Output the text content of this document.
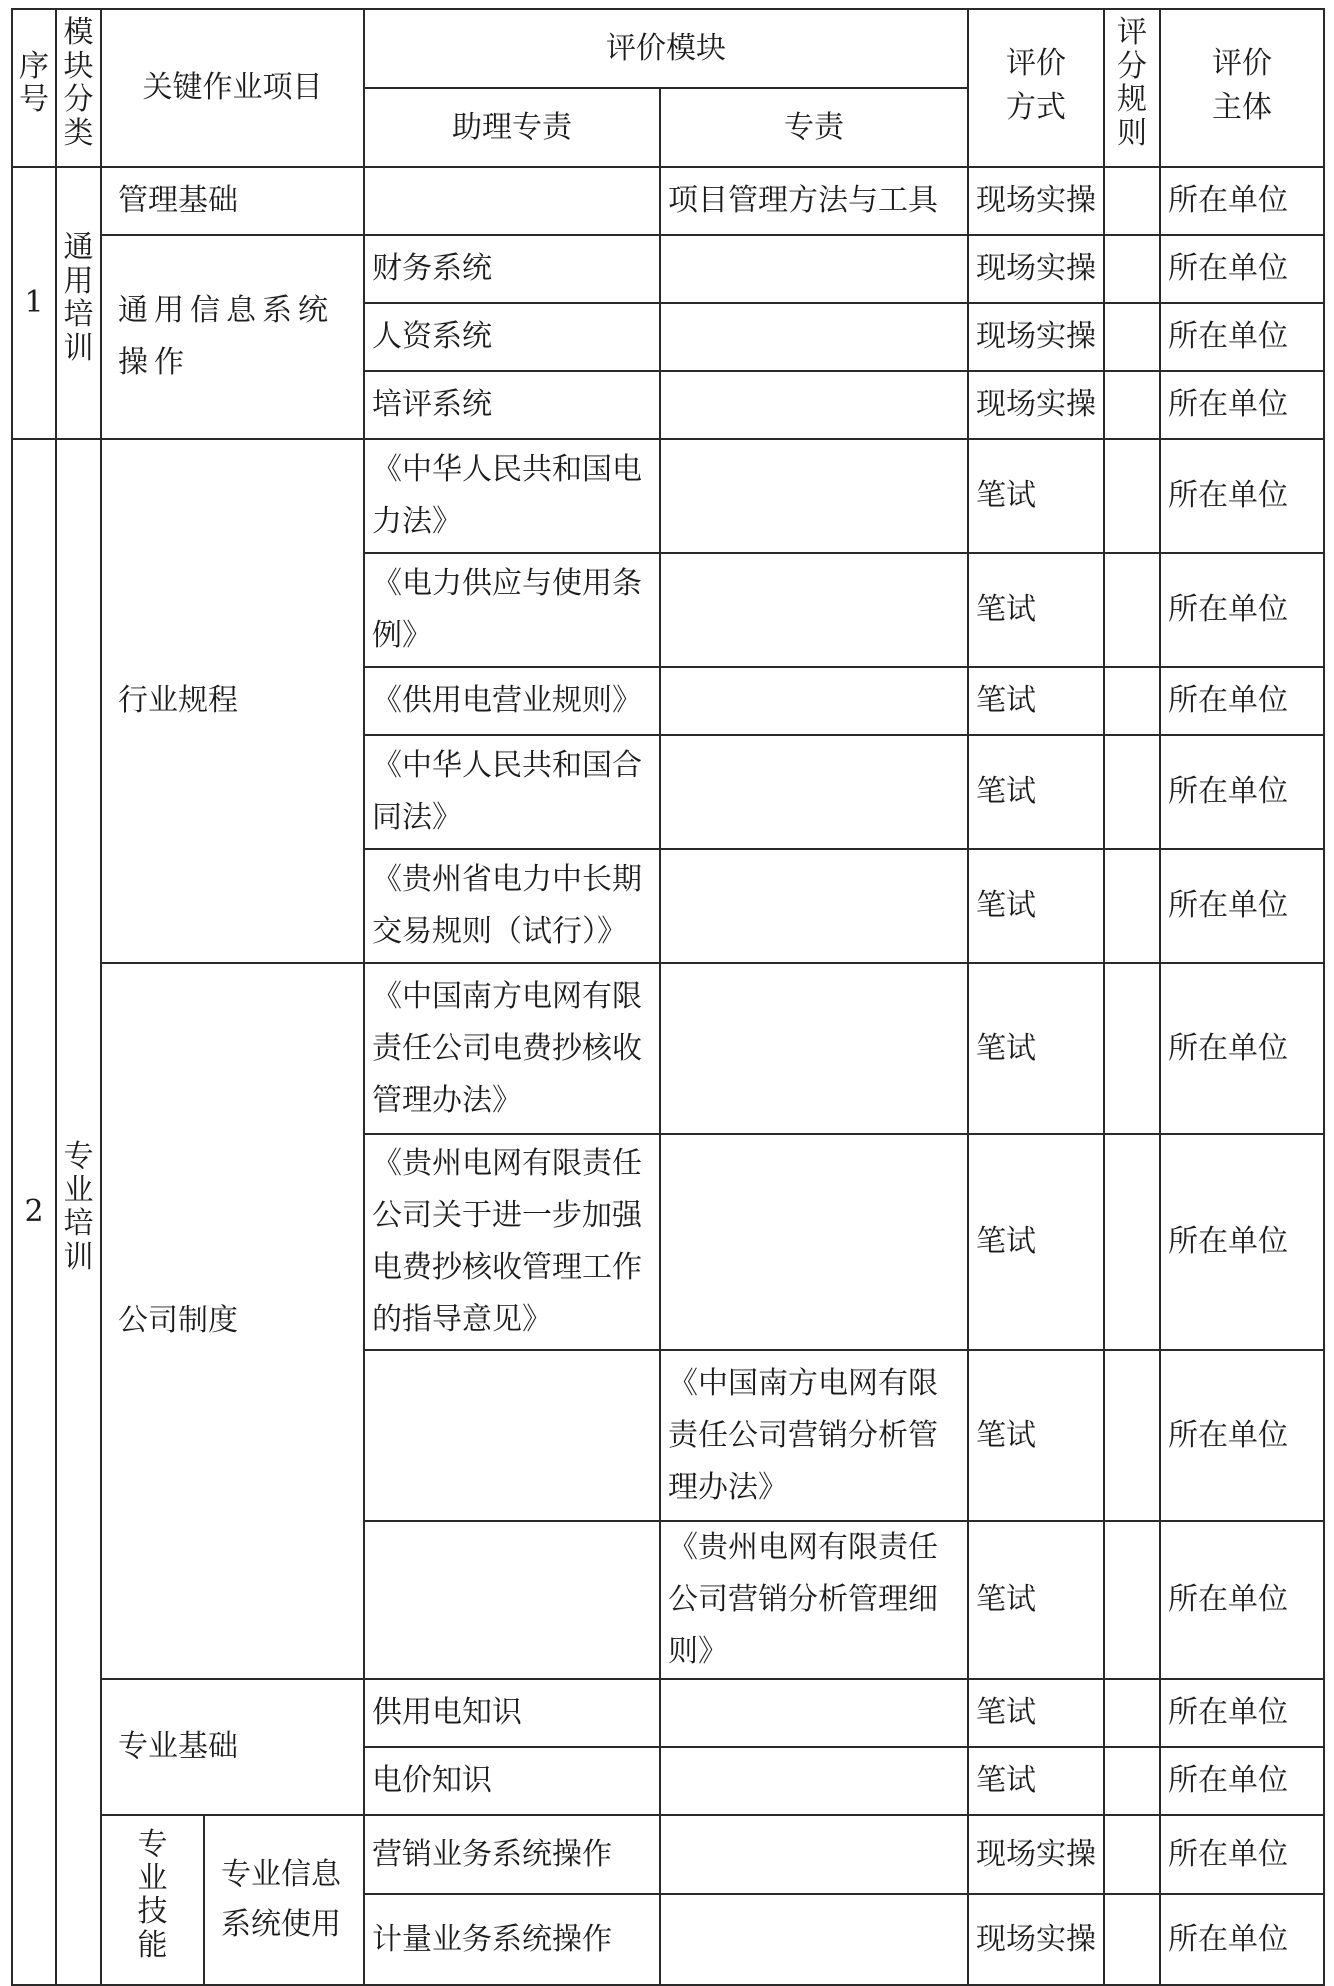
序号	模块分类	关键作业项目		评价模块		评价方式	评分规则	评价主体
				助理专责	专责			
1	通用培训	管理基础			项目管理方法与工具	现场实操		所在单位
		通用信息系统操作		财务系统		现场实操		所在单位
				人资系统		现场实操		所在单位
				培评系统		现场实操		所在单位
2	专业培训	行业规程		《中华人民共和国电力法》		笔试		所在单位
				《电力供应与使用条例》		笔试		所在单位
				《供用电营业规则》		笔试		所在单位
				《中华人民共和国合同法》		笔试		所在单位
				《贵州省电力中长期交易规则（试行）》		笔试		所在单位
		公司制度		《中国南方电网有限责任公司电费抄核收管理办法》		笔试		所在单位
				《贵州电网有限责任公司关于进一步加强电费抄核收管理工作的指导意见》		笔试		所在单位
					《中国南方电网有限责任公司营销分析管理办法》	笔试		所在单位
					《贵州电网有限责任公司营销分析管理细则》	笔试		所在单位
		专业基础		供用电知识		笔试		所在单位
				电价知识		笔试		所在单位
		专业技能	专业信息系统使用	营销业务系统操作		现场实操		所在单位
				计量业务系统操作		现场实操		所在单位
